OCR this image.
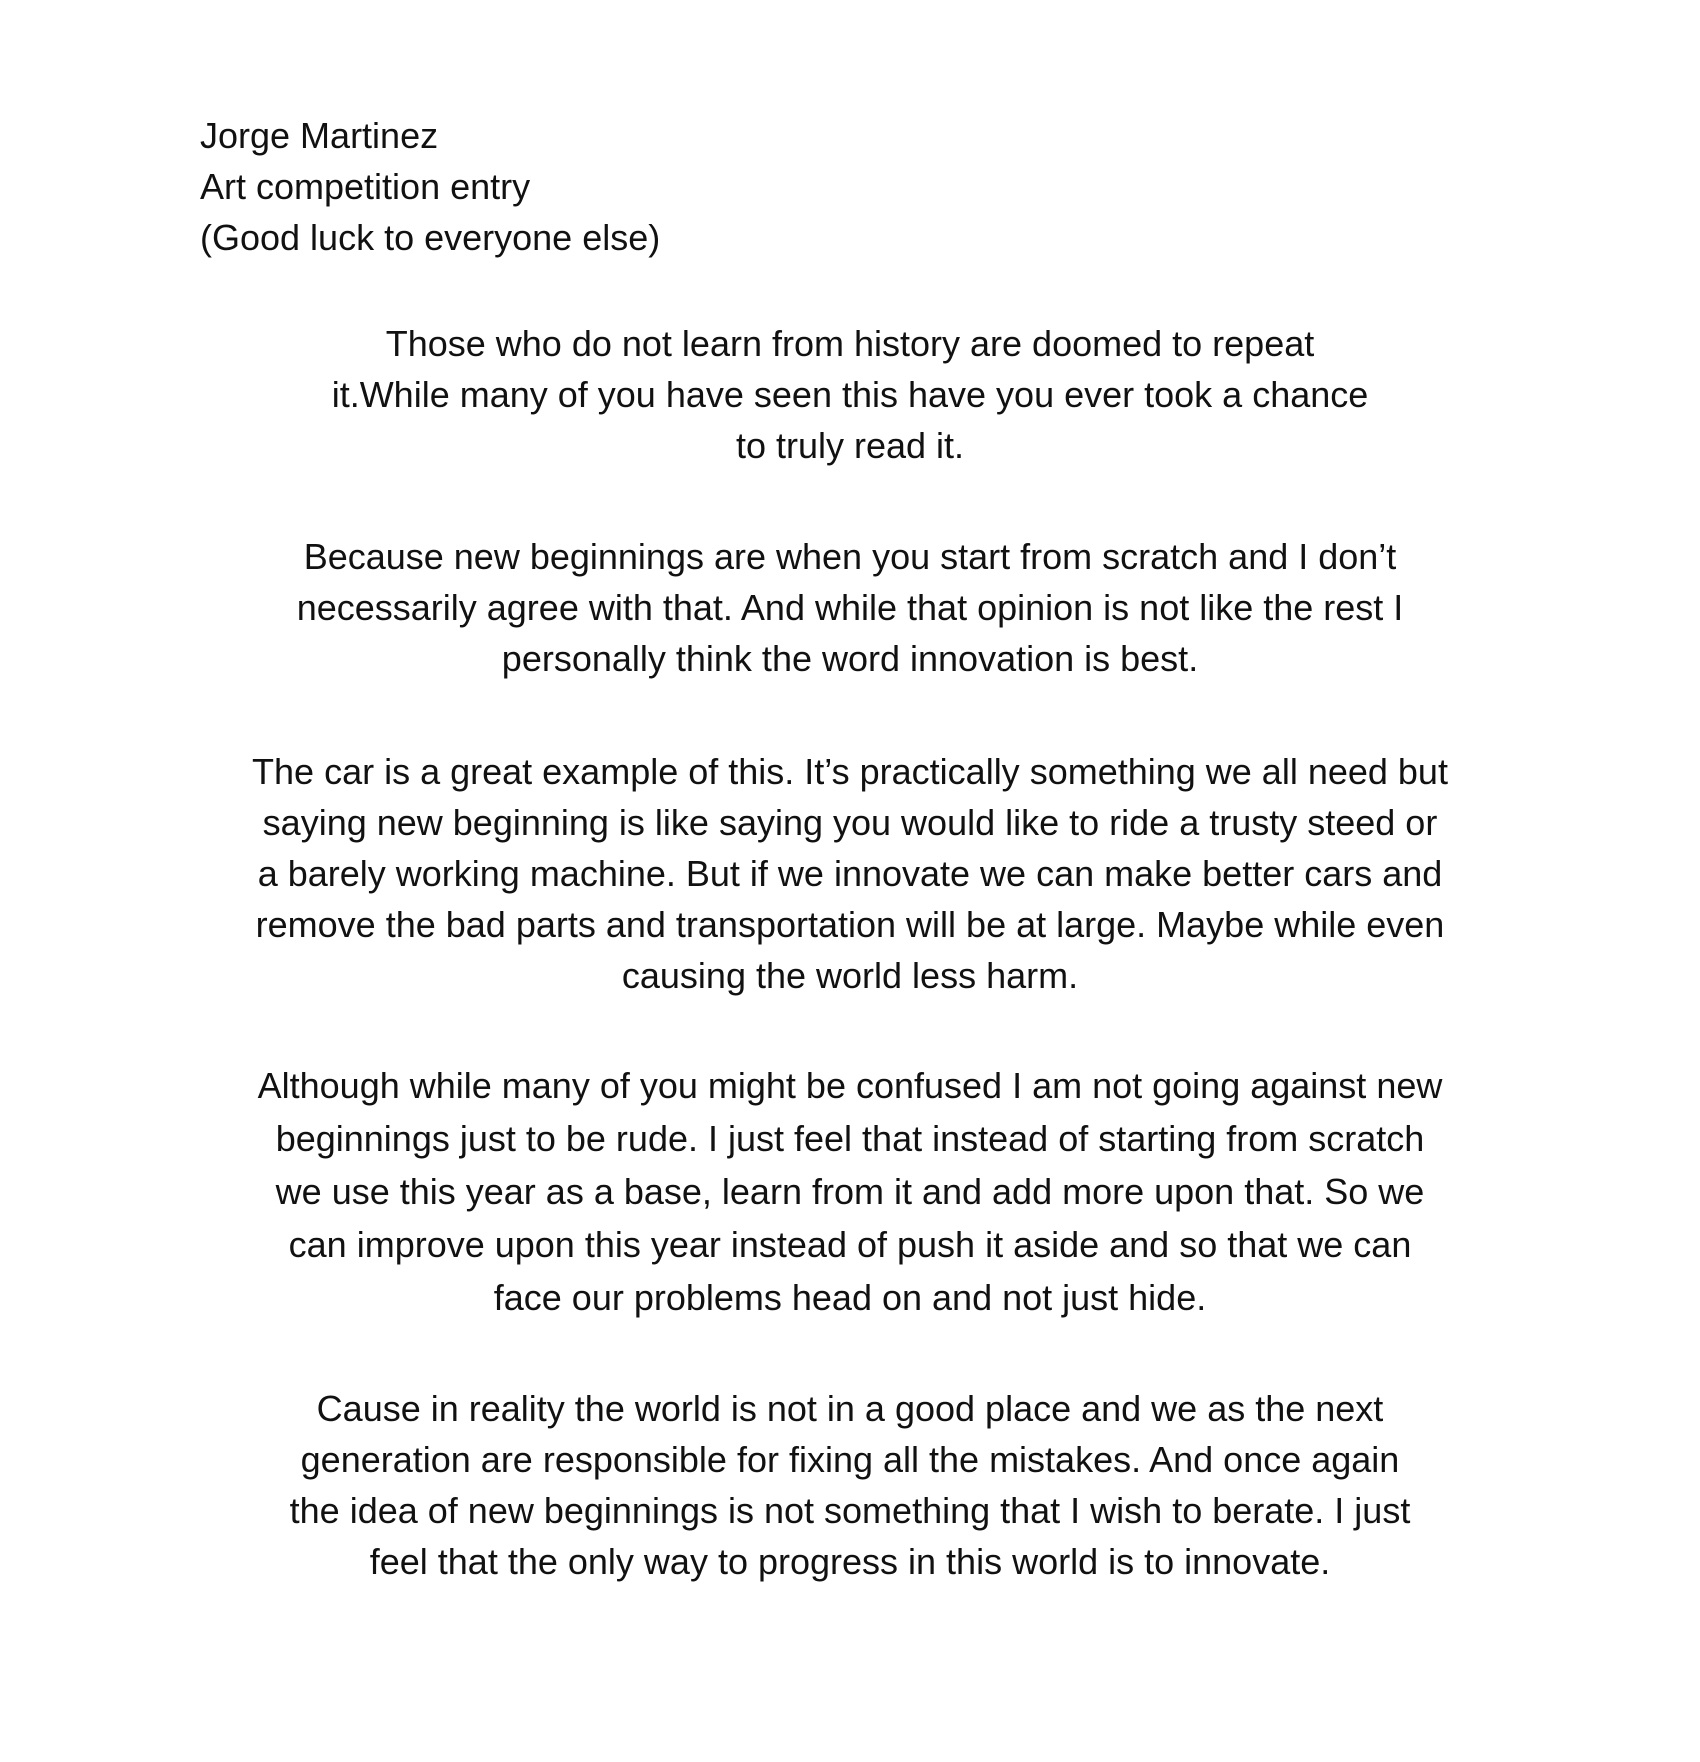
Jorge Martinez
Art competition entry
(Good luck to everyone else)
Those who do not learn from history are doomed to repeat
it.While many of you have seen this have you ever took a chance
to truly read it.
Because new beginnings are when you start from scratch and I don’t
necessarily agree with that. And while that opinion is not like the rest I
personally think the word innovation is best.
The car is a great example of this. It’s practically something we all need but
saying new beginning is like saying you would like to ride a trusty steed or
a barely working machine. But if we innovate we can make better cars and
remove the bad parts and transportation will be at large. Maybe while even
causing the world less harm.
Although while many of you might be confused I am not going against new
beginnings just to be rude. I just feel that instead of starting from scratch
we use this year as a base, learn from it and add more upon that. So we
can improve upon this year instead of push it aside and so that we can
face our problems head on and not just hide.
Cause in reality the world is not in a good place and we as the next
generation are responsible for fixing all the mistakes. And once again
the idea of new beginnings is not something that I wish to berate. I just
feel that the only way to progress in this world is to innovate.
